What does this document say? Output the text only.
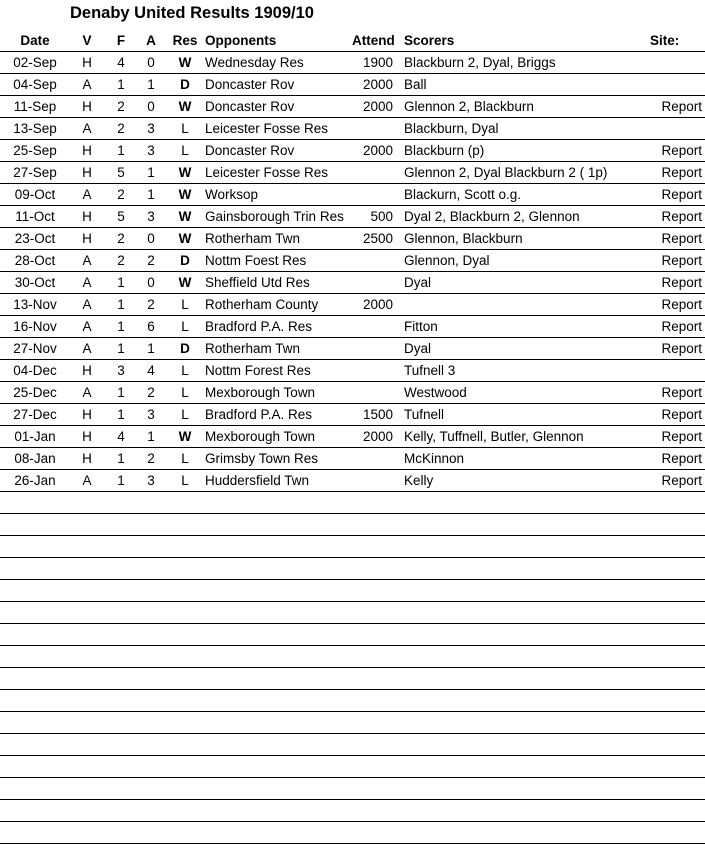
Denaby United Results 1909/10
Date	V	F	A	Res Opponents	Attend Scorers	Site:
02-Sep	H	4	0	W	Wednesday Res	1900 Blackburn 2, Dyal, Briggs
04-Sep	A	1	1	D	Doncaster Rov	2000 Ball
11-Sep	H	2	0	W	Doncaster Rov	2000 Glennon 2, Blackburn	Report
13-Sep	A	2	3	L	Leicester Fosse Res	Blackburn, Dyal
25-Sep	H	1	3	L	Doncaster Rov	2000 Blackburn (p)	Report
27-Sep	H	5	1	W	Leicester Fosse Res	Glennon 2, Dyal Blackburn 2 ( 1p)	Report
09-Oct	A	2	1	W	Worksop	Blackurn, Scott o.g.	Report
11-Oct	H	5	3	W	Gainsborough Trin Res	500 Dyal 2, Blackburn 2, Glennon	Report
23-Oct	H	2	0	W	Rotherham Twn	2500 Glennon, Blackburn	Report
28-Oct	A	2	2	D	Nottm Foest Res	Glennon, Dyal	Report
30-Oct	A	1	0	W	Sheffield Utd Res	Dyal	Report
13-Nov	A	1	2	L	Rotherham County	2000	Report
16-Nov	A	1	6	L	Bradford P.A. Res	Fitton	Report
27-Nov	A	1	1	D	Rotherham Twn	Dyal	Report
04-Dec	H	3	4	L	Nottm Forest Res	Tufnell 3
25-Dec	A	1	2	L	Mexborough Town	Westwood	Report
27-Dec	H	1	3	L	Bradford P.A. Res	1500 Tufnell	Report
01-Jan	H	4	1	W	Mexborough Town	2000 Kelly, Tuffnell, Butler, Glennon	Report
08-Jan	H	1	2	L	Grimsby Town Res	McKinnon	Report
26-Jan	A	1	3	L	Huddersfield Twn	Kelly	Report
